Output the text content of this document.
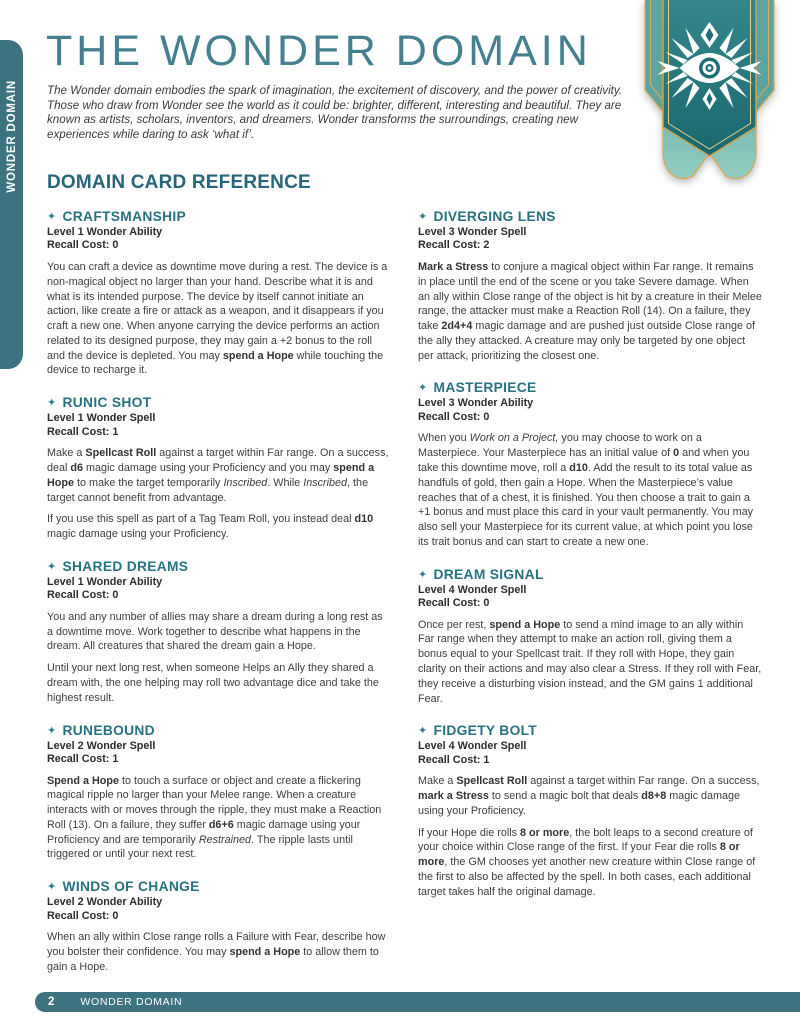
WONDER DOMAIN
THE WONDER DOMAIN

The Wonder domain embodies the spark of imagination, the excitement of discovery, and the power of creativity. Those who draw from Wonder see the world as it could be: brighter, different, interesting and beautiful. They are known as artists, scholars, inventors, and dreamers. Wonder transforms the surroundings, creating new experiences while daring to ask ‘what if’.

DOMAIN CARD REFERENCE
✦ CRAFTSMANSHIP
Level 1 Wonder Ability
Recall Cost: 0

You can craft a device as downtime move during a rest. The device is a non-magical object no larger than your hand. Describe what it is and what is its intended purpose. The device by itself cannot initiate an action, like create a fire or attack as a weapon, and it disappears if you craft a new one. When anyone carrying the device performs an action related to its designed purpose, they may gain a +2 bonus to the roll and the device is depleted. You may spend a Hope while touching the device to recharge it.

✦ RUNIC SHOT
Level 1 Wonder Spell
Recall Cost: 1

Make a Spellcast Roll against a target within Far range. On a success, deal d6 magic damage using your Proficiency and you may spend a Hope to make the target temporarily Inscribed. While Inscribed, the target cannot benefit from advantage.

If you use this spell as part of a Tag Team Roll, you instead deal d10 magic damage using your Proficiency.

✦ SHARED DREAMS
Level 1 Wonder Ability
Recall Cost: 0

You and any number of allies may share a dream during a long rest as a downtime move. Work together to describe what happens in the dream. All creatures that shared the dream gain a Hope.

Until your next long rest, when someone Helps an Ally they shared a dream with, the one helping may roll two advantage dice and take the highest result.

✦ RUNEBOUND
Level 2 Wonder Spell
Recall Cost: 1

Spend a Hope to touch a surface or object and create a flickering magical ripple no larger than your Melee range. When a creature interacts with or moves through the ripple, they must make a Reaction Roll (13). On a failure, they suffer d6+6 magic damage using your Proficiency and are temporarily Restrained. The ripple lasts until triggered or until your next rest.

✦ WINDS OF CHANGE
Level 2 Wonder Ability
Recall Cost: 0

When an ally within Close range rolls a Failure with Fear, describe how you bolster their confidence. You may spend a Hope to allow them to gain a Hope.

✦ DIVERGING LENS
Level 3 Wonder Spell
Recall Cost: 2

Mark a Stress to conjure a magical object within Far range. It remains in place until the end of the scene or you take Severe damage. When an ally within Close range of the object is hit by a creature in their Melee range, the attacker must make a Reaction Roll (14). On a failure, they take 2d4+4 magic damage and are pushed just outside Close range of the ally they attacked. A creature may only be targeted by one object per attack, prioritizing the closest one.

✦ MASTERPIECE
Level 3 Wonder Ability
Recall Cost: 0

When you Work on a Project, you may choose to work on a Masterpiece. Your Masterpiece has an initial value of 0 and when you take this downtime move, roll a d10. Add the result to its total value as handfuls of gold, then gain a Hope. When the Masterpiece’s value reaches that of a chest, it is finished. You then choose a trait to gain a +1 bonus and must place this card in your vault permanently. You may also sell your Masterpiece for its current value, at which point you lose its trait bonus and can start to create a new one.

✦ DREAM SIGNAL
Level 4 Wonder Spell
Recall Cost: 0

Once per rest, spend a Hope to send a mind image to an ally within Far range when they attempt to make an action roll, giving them a bonus equal to your Spellcast trait. If they roll with Hope, they gain clarity on their actions and may also clear a Stress. If they roll with Fear, they receive a disturbing vision instead, and the GM gains 1 additional Fear.

✦ FIDGETY BOLT
Level 4 Wonder Spell
Recall Cost: 1

Make a Spellcast Roll against a target within Far range. On a success, mark a Stress to send a magic bolt that deals d8+8 magic damage using your Proficiency.

If your Hope die rolls 8 or more, the bolt leaps to a second creature of your choice within Close range of the first. If your Fear die rolls 8 or more, the GM chooses yet another new creature within Close range of the first to also be affected by the spell. In both cases, each additional target takes half the original damage.

2 WONDER DOMAIN
